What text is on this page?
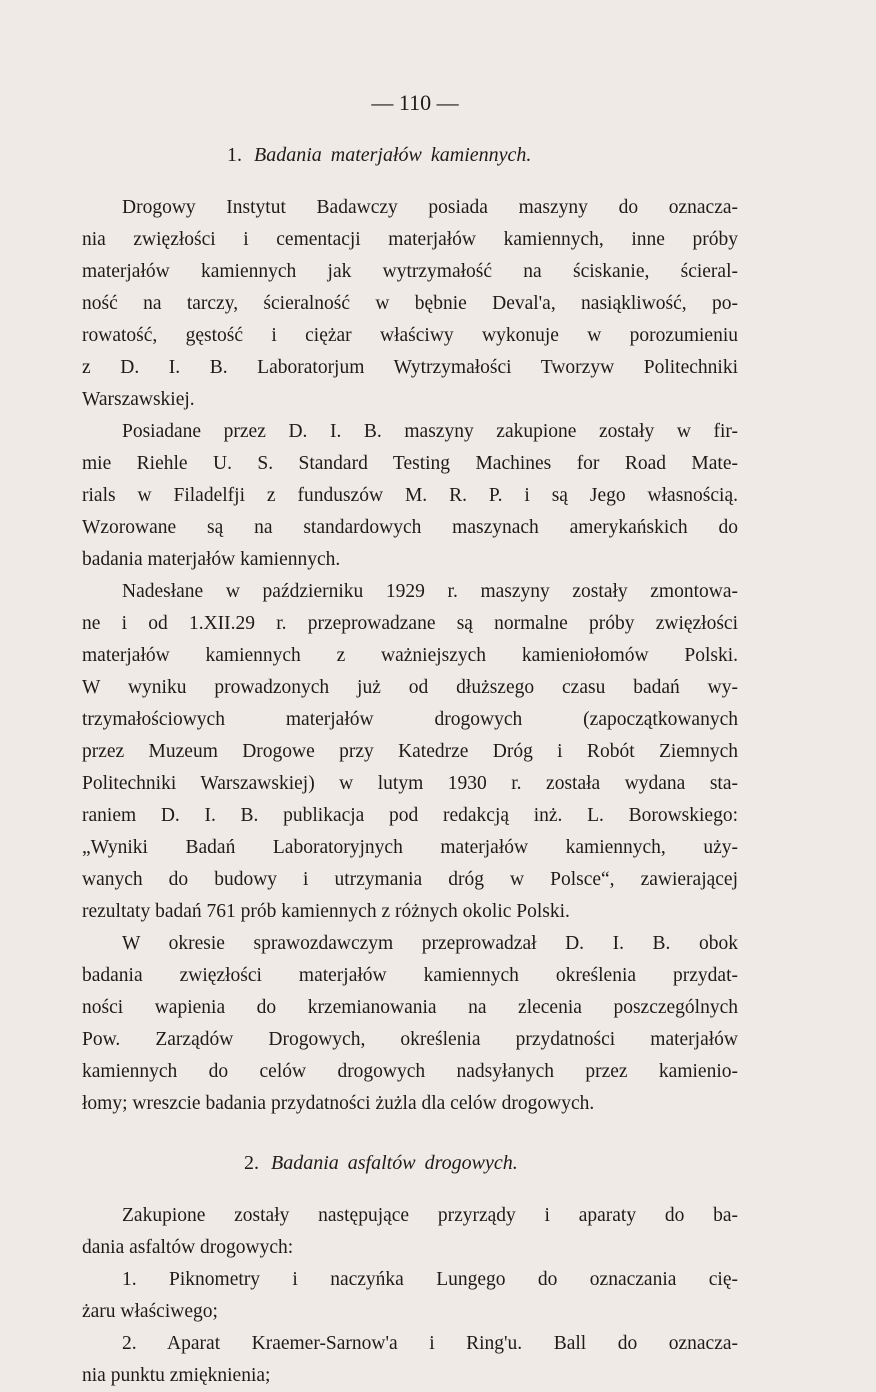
— 110 —
1. Badania materjałów kamiennych.
Drogowy Instytut Badawczy posiada maszyny do oznacza-
nia zwięzłości i cementacji materjałów kamiennych, inne próby
materjałów kamiennych jak wytrzymałość na ściskanie, ścieral-
ność na tarczy, ścieralność w bębnie Deval'a, nasiąkliwość, po-
rowatość, gęstość i ciężar właściwy wykonuje w porozumieniu
z D. I. B. Laboratorjum Wytrzymałości Tworzyw Politechniki
Warszawskiej.
Posiadane przez D. I. B. maszyny zakupione zostały w fir-
mie Riehle U. S. Standard Testing Machines for Road Mate-
rials w Filadelfji z funduszów M. R. P. i są Jego własnością.
Wzorowane są na standardowych maszynach amerykańskich do
badania materjałów kamiennych.
Nadesłane w październiku 1929 r. maszyny zostały zmontowa-
ne i od 1.XII.29 r. przeprowadzane są normalne próby zwięzłości
materjałów kamiennych z ważniejszych kamieniołomów Polski.
W wyniku prowadzonych już od dłuższego czasu badań wy-
trzymałościowych materjałów drogowych (zapoczątkowanych
przez Muzeum Drogowe przy Katedrze Dróg i Robót Ziemnych
Politechniki Warszawskiej) w lutym 1930 r. została wydana sta-
raniem D. I. B. publikacja pod redakcją inż. L. Borowskiego:
„Wyniki Badań Laboratoryjnych materjałów kamiennych, uży-
wanych do budowy i utrzymania dróg w Polsce“, zawierającej
rezultaty badań 761 prób kamiennych z różnych okolic Polski.
W okresie sprawozdawczym przeprowadzał D. I. B. obok
badania zwięzłości materjałów kamiennych określenia przydat-
ności wapienia do krzemianowania na zlecenia poszczególnych
Pow. Zarządów Drogowych, określenia przydatności materjałów
kamiennych do celów drogowych nadsyłanych przez kamienio-
łomy; wreszcie badania przydatności żużla dla celów drogowych.
2. Badania asfaltów drogowych.
Zakupione zostały następujące przyrządy i aparaty do ba-
dania asfaltów drogowych:
1. Piknometry i naczyńka Lungego do oznaczania cię-
żaru właściwego;
2. Aparat Kraemer-Sarnow'a i Ring'u. Ball do oznacza-
nia punktu zmięknienia;
